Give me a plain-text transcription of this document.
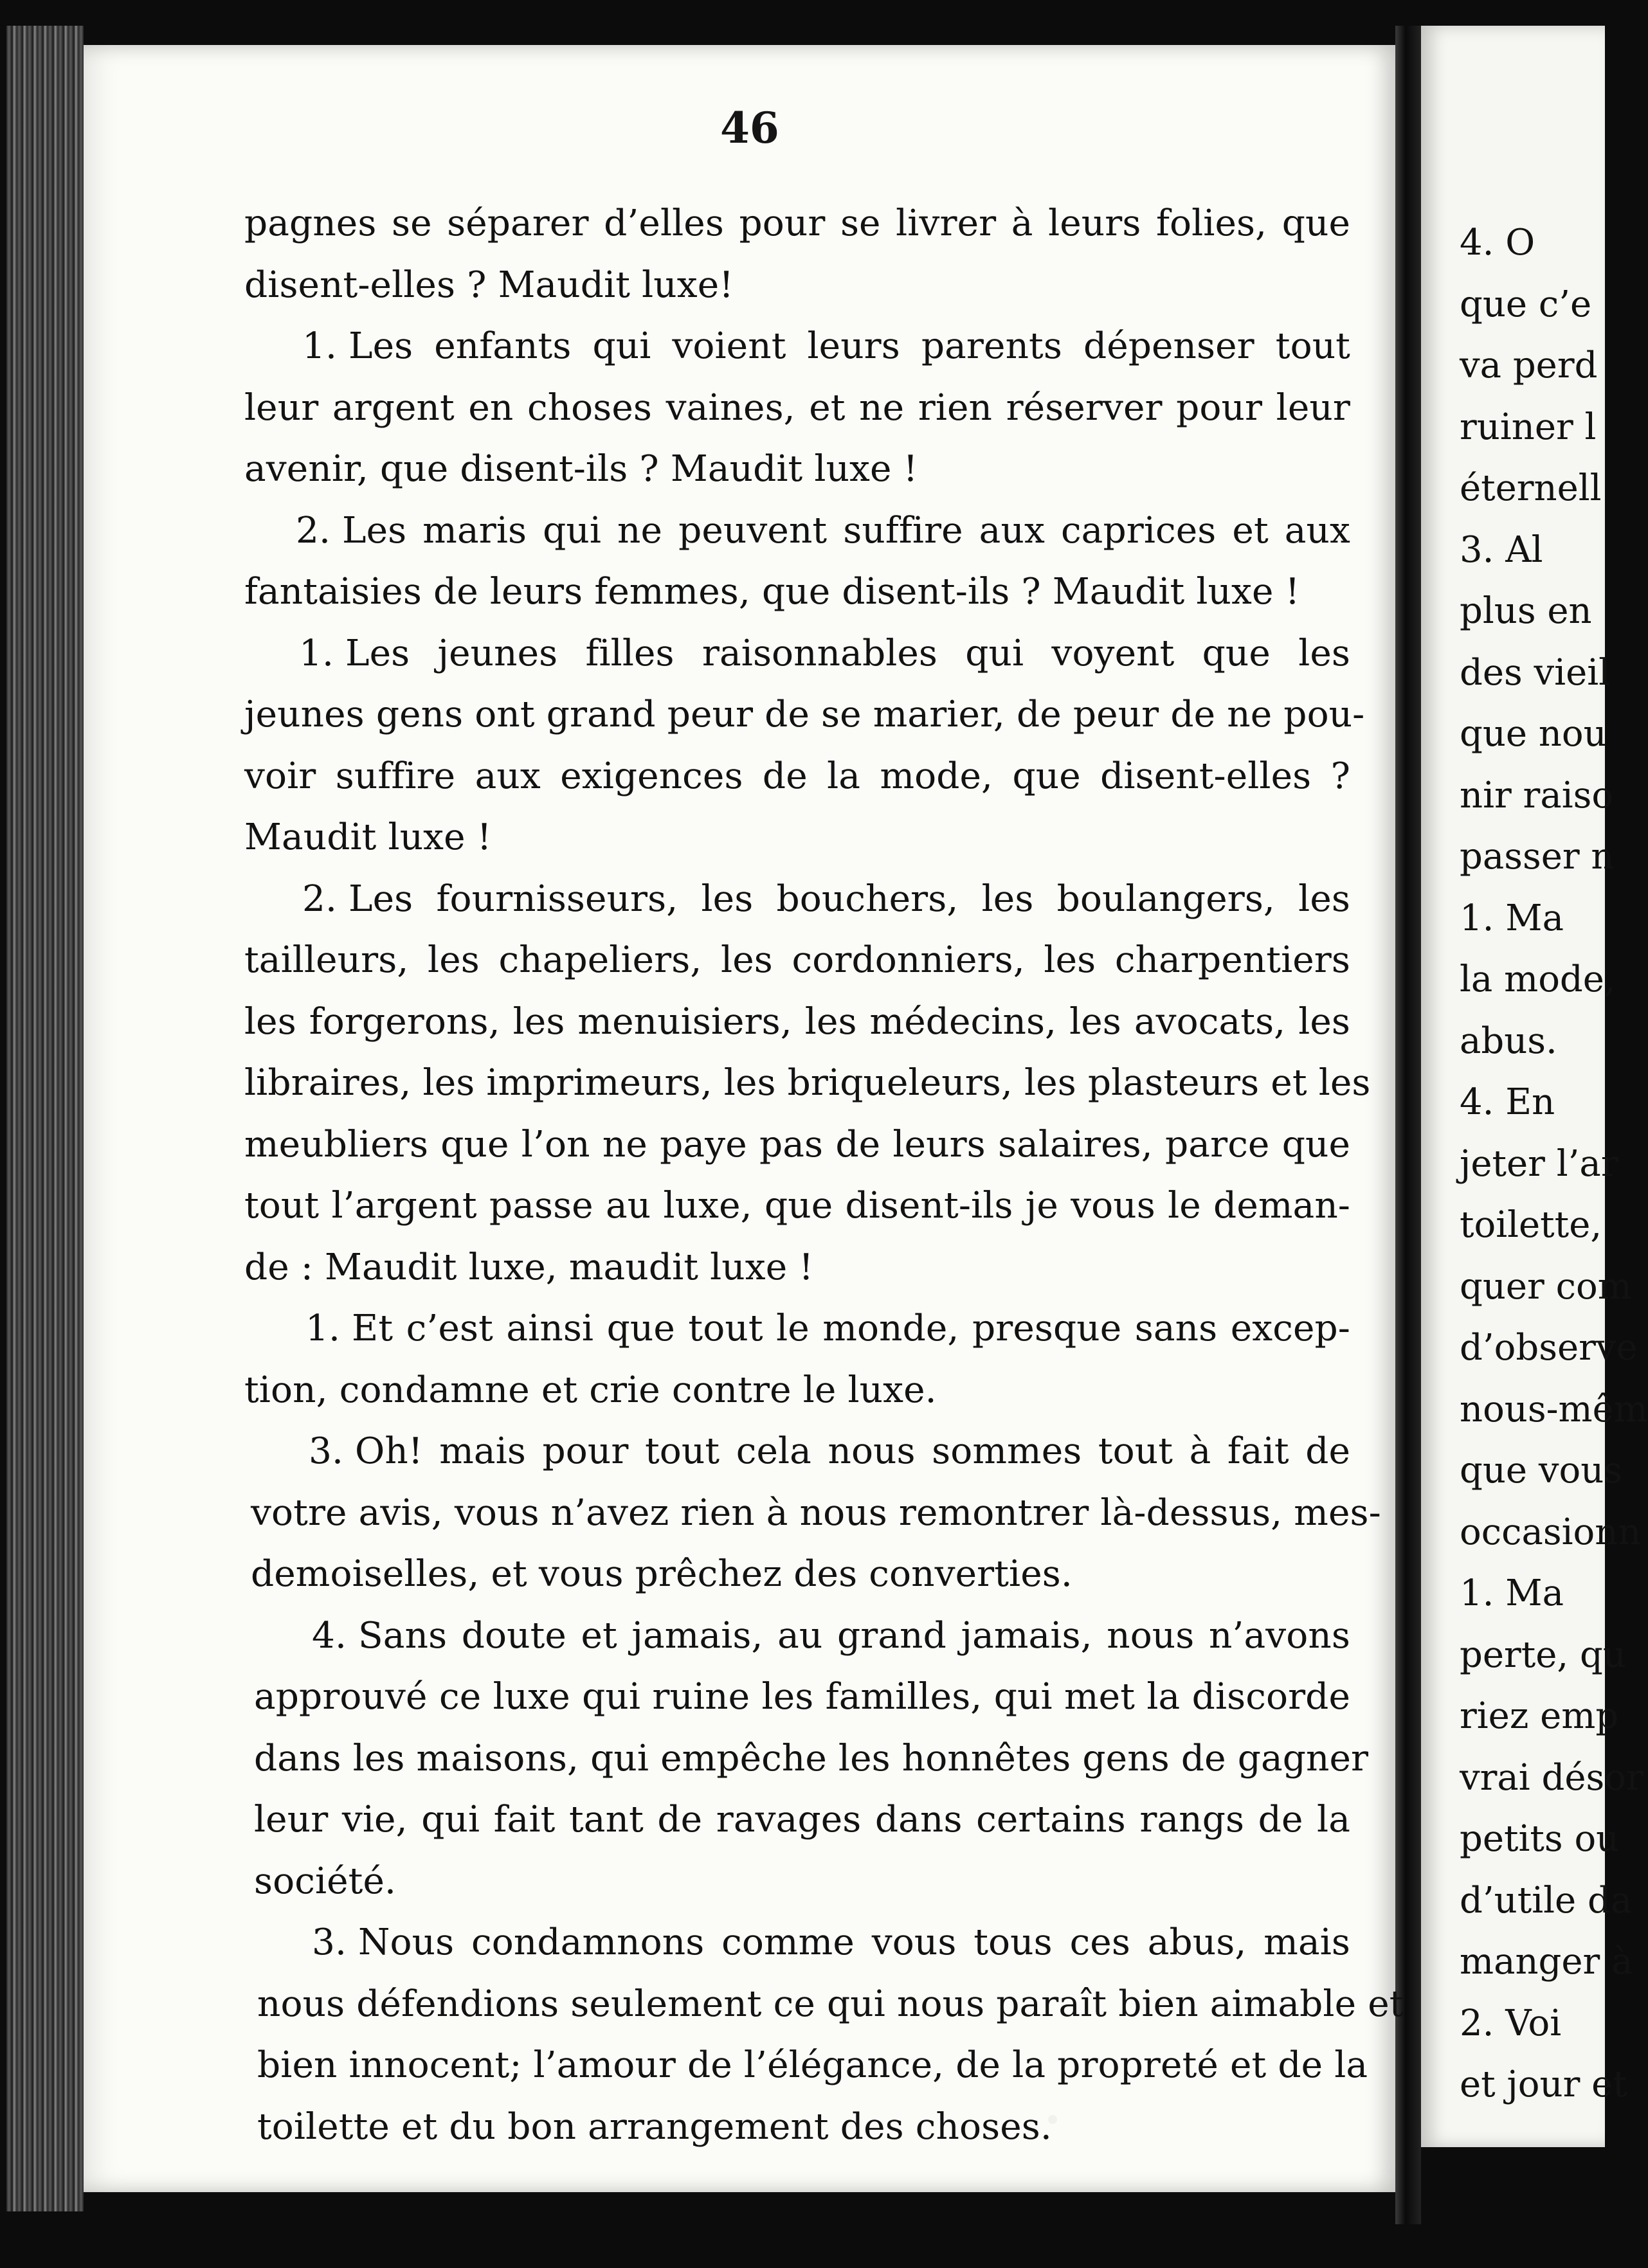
4. O
que c’e
va perd
ruiner l
éternell
3. Al
plus en
des vieil
que nou
nir raiso
passer n
1. Ma
la mode,
abus.
4. En
jeter l’ar
toilette,
quer com
d’observe
nous-mêm
que vous
occasionn
1. Ma
perte, qu
riez emp
vrai désor
petits ou
d’utile da
manger à
2. Voi
et jour et
46
pagnes se séparer d’elles pour se livrer à leurs folies, que
disent-elles ? Maudit luxe!
1. Les enfants qui voient leurs parents dépenser tout
leur argent en choses vaines, et ne rien réserver pour leur
avenir, que disent-ils ? Maudit luxe !
2. Les maris qui ne peuvent suffire aux caprices et aux
fantaisies de leurs femmes, que disent-ils ? Maudit luxe !
1. Les jeunes filles raisonnables qui voyent que les
jeunes gens ont grand peur de se marier, de peur de ne pou-
voir suffire aux exigences de la mode, que disent-elles ?
Maudit luxe !
2. Les fournisseurs, les bouchers, les boulangers, les
tailleurs, les chapeliers, les cordonniers, les charpentiers
les forgerons, les menuisiers, les médecins, les avocats, les
libraires, les imprimeurs, les briqueleurs, les plasteurs et les
meubliers que l’on ne paye pas de leurs salaires, parce que
tout l’argent passe au luxe, que disent-ils je vous le deman-
de : Maudit luxe, maudit luxe !
1. Et c’est ainsi que tout le monde, presque sans excep-
tion, condamne et crie contre le luxe.
3. Oh! mais pour tout cela nous sommes tout à fait de
votre avis, vous n’avez rien à nous remontrer là-dessus, mes-
demoiselles, et vous prêchez des converties.
4. Sans doute et jamais, au grand jamais, nous n’avons
approuvé ce luxe qui ruine les familles, qui met la discorde
dans les maisons, qui empêche les honnêtes gens de gagner
leur vie, qui fait tant de ravages dans certains rangs de la
société.
3. Nous condamnons comme vous tous ces abus, mais
nous défendions seulement ce qui nous paraît bien aimable et
bien innocent; l’amour de l’élégance, de la propreté et de la
toilette et du bon arrangement des choses.
